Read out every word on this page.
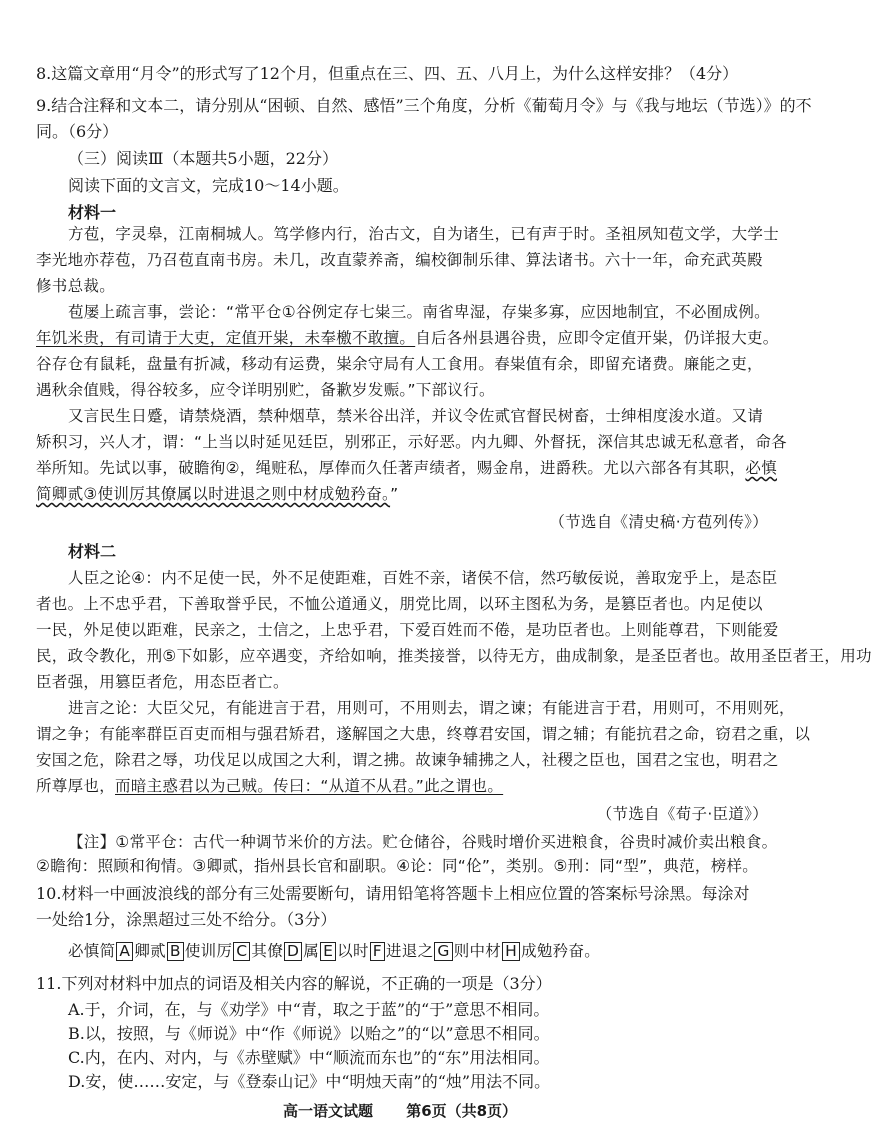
8.这篇文章用“月令”的形式写了12个月，但重点在三、四、五、八月上，为什么这样安排？（4分）
9.结合注释和文本二，请分别从“困顿、自然、感悟”三个角度，分析《葡萄月令》与《我与地坛（节选）》的不
同。（6分）
（三）阅读Ⅲ（本题共5小题，22分）
阅读下面的文言文，完成10～14小题。
材料一
方苞，字灵皋，江南桐城人。笃学修内行，治古文，自为诸生，已有声于时。圣祖夙知苞文学，大学士
李光地亦荐苞，乃召苞直南书房。未几，改直蒙养斋，编校御制乐律、算法诸书。六十一年，命充武英殿
修书总裁。
苞屡上疏言事，尝论：“常平仓①谷例定存七粜三。南省卑湿，存粜多寡，应因地制宜，不必囿成例。
年饥米贵，有司请于大吏，定值开粜，未奉檄不敢擅。自后各州县遇谷贵，应即令定值开粜，仍详报大吏。
谷存仓有鼠耗，盘量有折减，移动有运费，粜余守局有人工食用。春粜值有余，即留充诸费。廉能之吏，
遇秋余值贱，得谷较多，应令详明别贮，备歉岁发赈。”下部议行。
又言民生日蹙，请禁烧酒，禁种烟草，禁米谷出洋，并议令佐贰官督民树畜，士绅相度浚水道。又请
矫积习，兴人才，谓：“上当以时延见廷臣，别邪正，示好恶。内九卿、外督抚，深信其忠诚无私意者，命各
举所知。先试以事，破瞻徇②，绳赃私，厚俸而久任著声绩者，赐金帛，进爵秩。尤以六部各有其职，必慎
简卿贰③使训厉其僚属以时进退之则中材成勉矜奋。”
（节选自《清史稿·方苞列传》）
材料二
人臣之论④：内不足使一民，外不足使距难，百姓不亲，诸侯不信，然巧敏佞说，善取宠乎上，是态臣
者也。上不忠乎君，下善取誉乎民，不恤公道通义，朋党比周，以环主图私为务，是篡臣者也。内足使以
一民，外足使以距难，民亲之，士信之，上忠乎君，下爱百姓而不倦，是功臣者也。上则能尊君，下则能爱
民，政令教化，刑⑤下如影，应卒遇变，齐给如响，推类接誉，以待无方，曲成制象，是圣臣者也。故用圣臣者王，用功
臣者强，用篡臣者危，用态臣者亡。
进言之论：大臣父兄，有能进言于君，用则可，不用则去，谓之谏；有能进言于君，用则可，不用则死，
谓之争；有能率群臣百吏而相与强君矫君，遂解国之大患，终尊君安国，谓之辅；有能抗君之命，窃君之重，以
安国之危，除君之辱，功伐足以成国之大利，谓之拂。故谏争辅拂之人，社稷之臣也，国君之宝也，明君之
所尊厚也，而暗主惑君以为己贼。传曰：“从道不从君。”此之谓也。
（节选自《荀子·臣道》）
【注】①常平仓：古代一种调节米价的方法。贮仓储谷，谷贱时增价买进粮食，谷贵时减价卖出粮食。
②瞻徇：照顾和徇情。③卿贰，指州县长官和副职。④论：同“伦”，类别。⑤刑：同“型”，典范，榜样。
10.材料一中画波浪线的部分有三处需要断句，请用铅笔将答题卡上相应位置的答案标号涂黑。每涂对
一处给1分，涂黑超过三处不给分。（3分）
必慎简 A 卿贰 B 使训厉 C 其僚 D 属 E 以时 F 进退之 G 则中材 H 成勉矜奋。
11.下列对材料中加点的词语及相关内容的解说，不正确的一项是（3分）
A.于，介词，在，与《劝学》中“青，取之于蓝”的“于”意思不相同。
B.以，按照，与《师说》中“作《师说》以贻之”的“以”意思不相同。
C.内，在内、对内，与《赤壁赋》中“顺流而东也”的“东”用法相同。
D.安，使……安定，与《登泰山记》中“明烛天南”的“烛”用法不同。
高一语文试题 第6页（共8页）
